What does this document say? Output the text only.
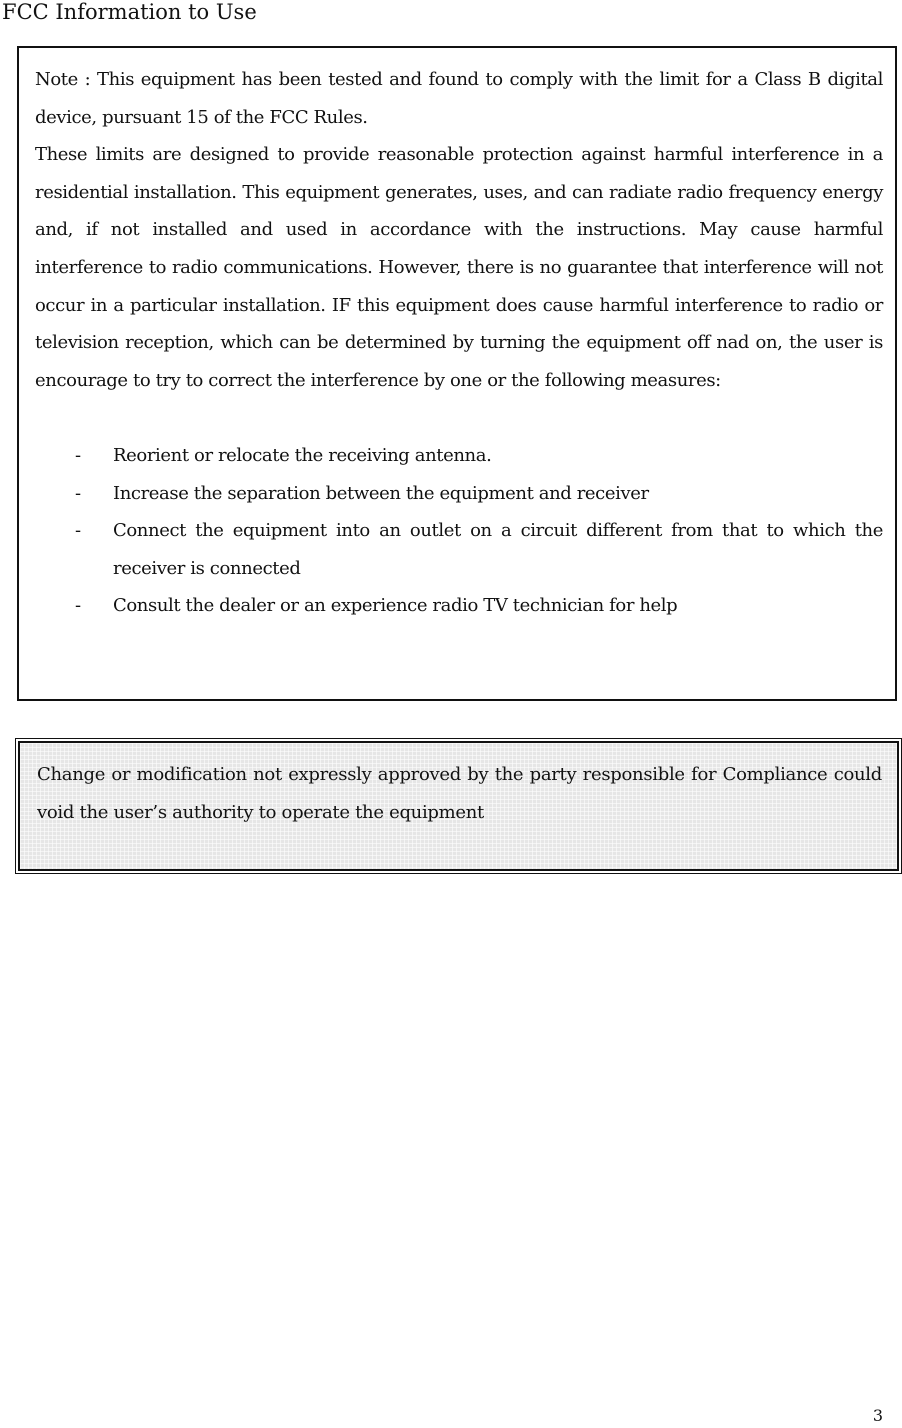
FCC Information to Use

Note : This equipment has been tested and found to comply with the limit for a Class B digital device, pursuant 15 of the FCC Rules.

These limits are designed to provide reasonable protection against harmful interference in a residential installation. This equipment generates, uses, and can radiate radio frequency energy and, if not installed and used in accordance with the instructions. May cause harmful interference to radio communications. However, there is no guarantee that interference will not occur in a particular installation. IF this equipment does cause harmful interference to radio or television reception, which can be determined by turning the equipment off nad on, the user is encourage to try to correct the interference by one or the following measures:

- Reorient or relocate the receiving antenna.
- Increase the separation between the equipment and receiver
- Connect the equipment into an outlet on a circuit different from that to which the receiver is connected
- Consult the dealer or an experience radio TV technician for help

Change or modification not expressly approved by the party responsible for Compliance could void the user’s authority to operate the equipment

3
